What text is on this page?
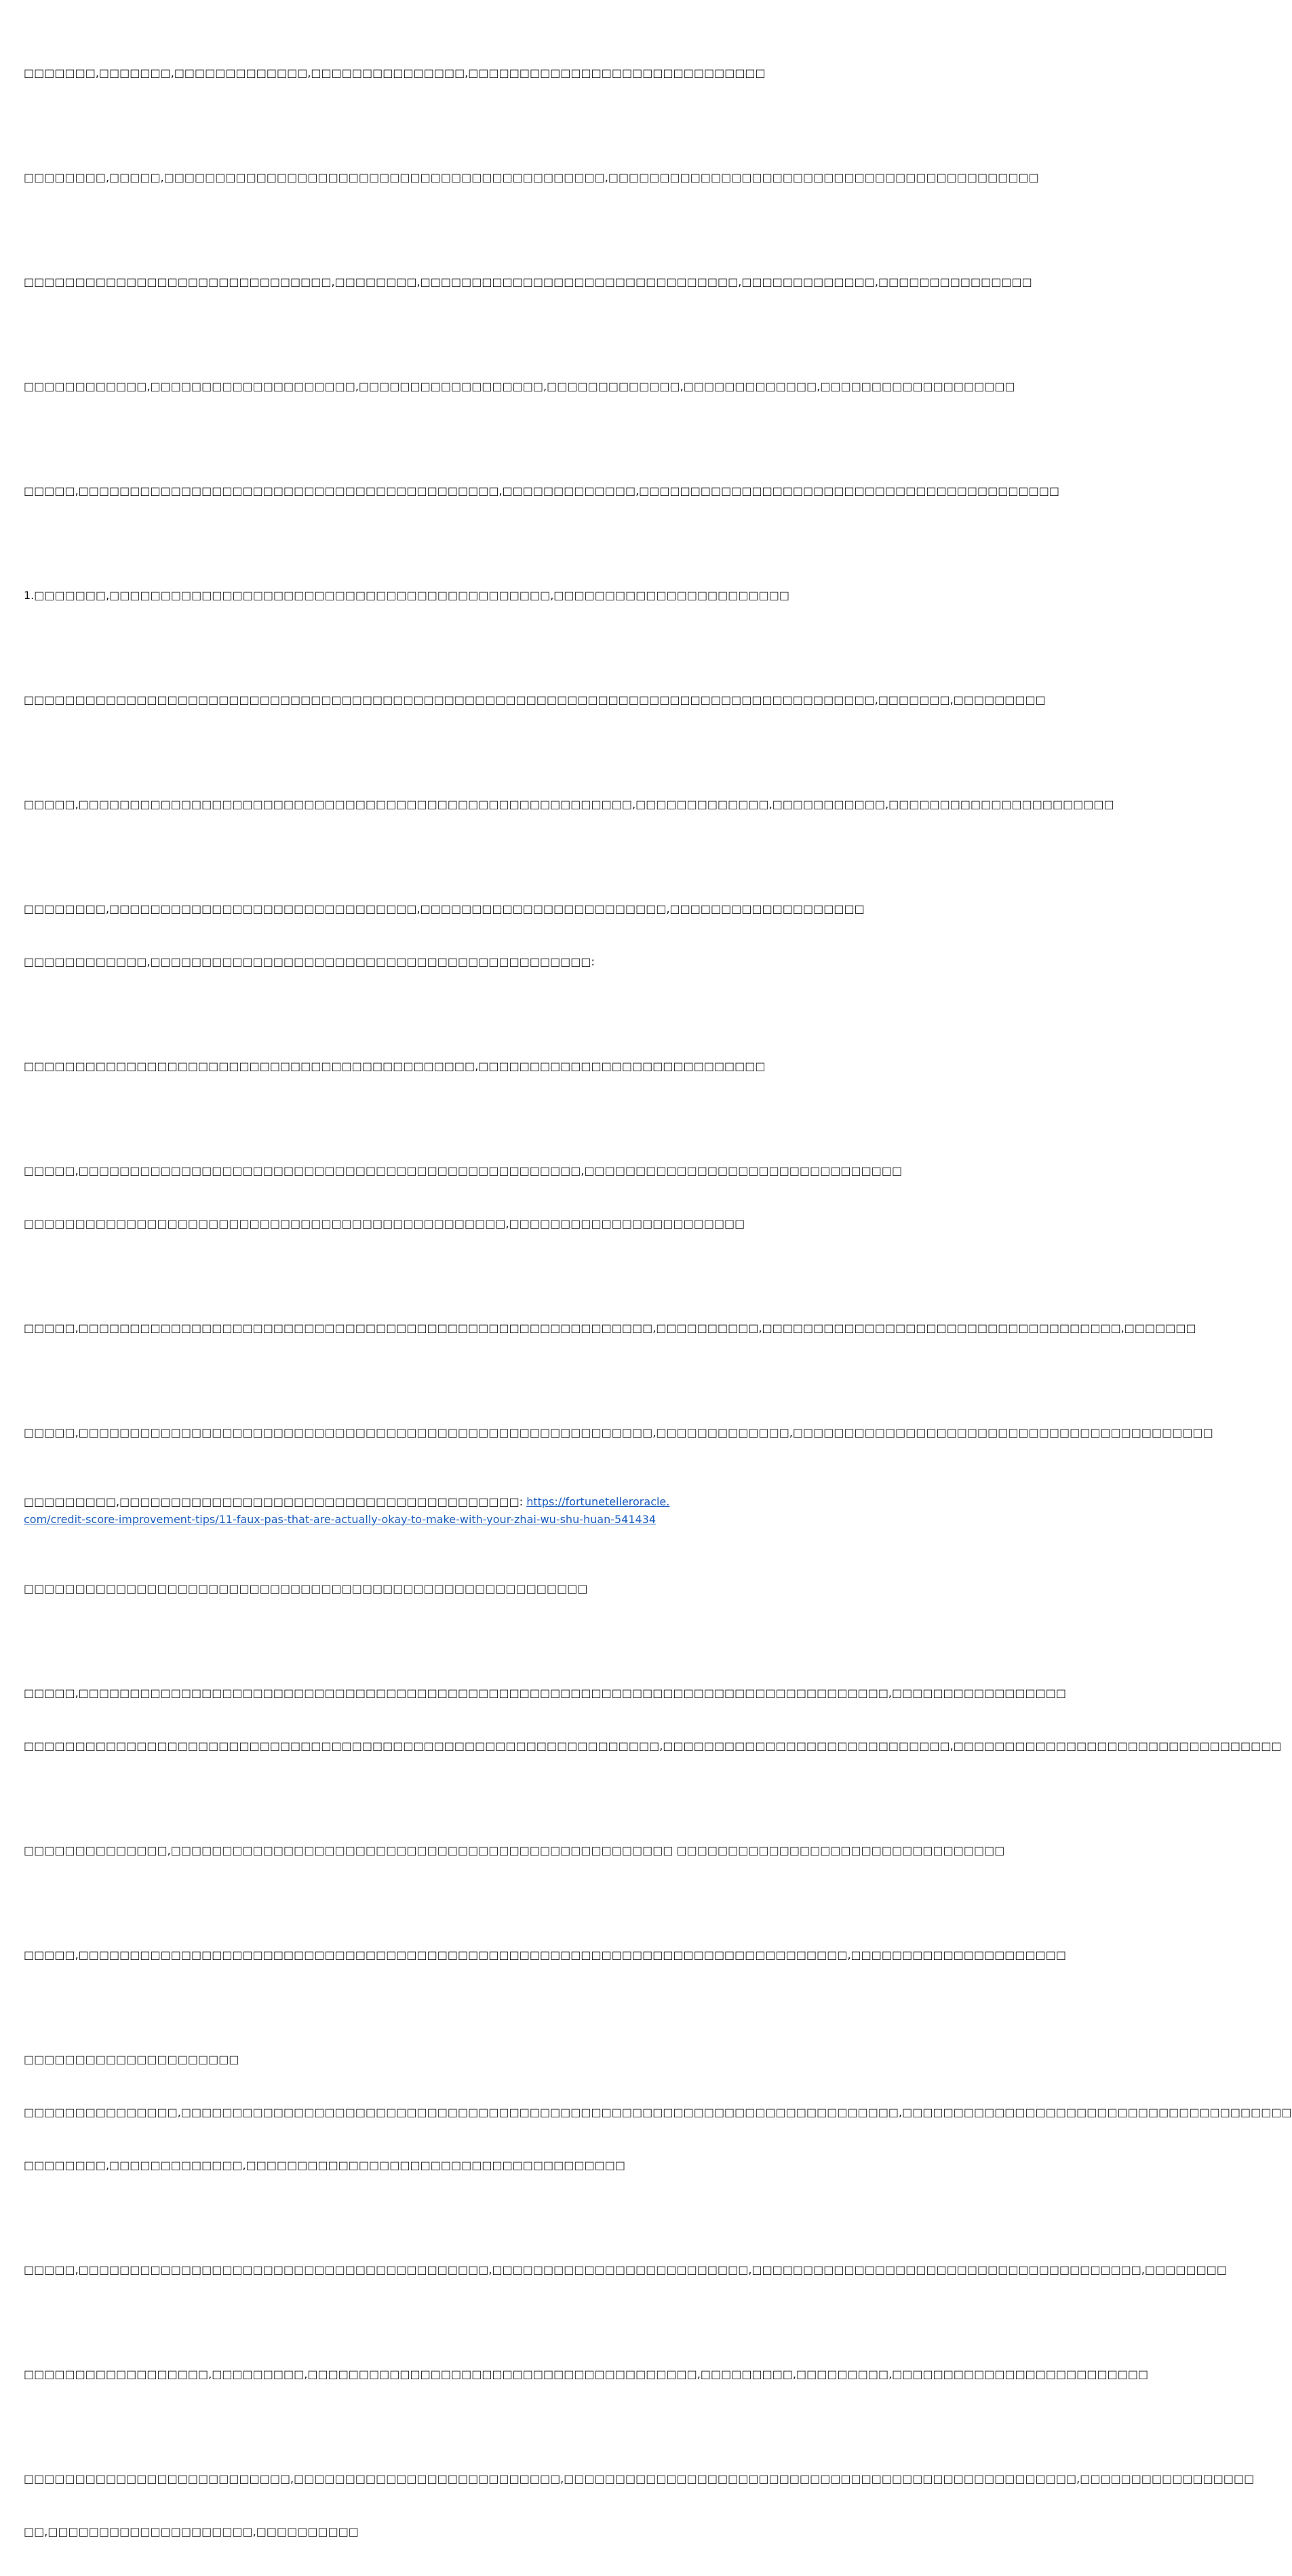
□□□□□□□,□□□□□□□,□□□□□□□□□□□□□,□□□□□□□□□□□□□□□,□□□□□□□□□□□□□□□□□□□□□□□□□□□□□

□□□□□□□□,□□□□□,□□□□□□□□□□□□□□□□□□□□□□□□□□□□□□□□□□□□□□□□□□□,□□□□□□□□□□□□□□□□□□□□□□□□□□□□□□□□□□□□□□□□□□

□□□□□□□□□□□□□□□□□□□□□□□□□□□□□□,□□□□□□□□,□□□□□□□□□□□□□□□□□□□□□□□□□□□□□□□,□□□□□□□□□□□□□,□□□□□□□□□□□□□□□

□□□□□□□□□□□□,□□□□□□□□□□□□□□□□□□□□,□□□□□□□□□□□□□□□□□□,□□□□□□□□□□□□□,□□□□□□□□□□□□□,□□□□□□□□□□□□□□□□□□□

□□□□□,□□□□□□□□□□□□□□□□□□□□□□□□□□□□□□□□□□□□□□□□□,□□□□□□□□□□□□□,□□□□□□□□□□□□□□□□□□□□□□□□□□□□□□□□□□□□□□□□□

1.□□□□□□□,□□□□□□□□□□□□□□□□□□□□□□□□□□□□□□□□□□□□□□□□□□□,□□□□□□□□□□□□□□□□□□□□□□□

□□□□□□□□□□□□□□□□□□□□□□□□□□□□□□□□□□□□□□□□□□□□□□□□□□□□□□□□□□□□□□□□□□□□□□□□□□□□□□□□□□□,□□□□□□□,□□□□□□□□□

□□□□□,□□□□□□□□□□□□□□□□□□□□□□□□□□□□□□□□□□□□□□□□□□□□□□□□□□□□□□,□□□□□□□□□□□□□,□□□□□□□□□□□,□□□□□□□□□□□□□□□□□□□□□□

□□□□□□□□,□□□□□□□□□□□□□□□□□□□□□□□□□□□□□□,□□□□□□□□□□□□□□□□□□□□□□□□,□□□□□□□□□□□□□□□□□□□

□□□□□□□□□□□□,□□□□□□□□□□□□□□□□□□□□□□□□□□□□□□□□□□□□□□□□□□□:

□□□□□□□□□□□□□□□□□□□□□□□□□□□□□□□□□□□□□□□□□□□□,□□□□□□□□□□□□□□□□□□□□□□□□□□□□

□□□□□,□□□□□□□□□□□□□□□□□□□□□□□□□□□□□□□□□□□□□□□□□□□□□□□□□,□□□□□□□□□□□□□□□□□□□□□□□□□□□□□□□

□□□□□□□□□□□□□□□□□□□□□□□□□□□□□□□□□□□□□□□□□□□□□□□,□□□□□□□□□□□□□□□□□□□□□□□

□□□□□,□□□□□□□□□□□□□□□□□□□□□□□□□□□□□□□□□□□□□□□□□□□□□□□□□□□□□□□□,□□□□□□□□□□,□□□□□□□□□□□□□□□□□□□□□□□□□□□□□□□□□□□,□□□□□□□

□□□□□,□□□□□□□□□□□□□□□□□□□□□□□□□□□□□□□□□□□□□□□□□□□□□□□□□□□□□□□□,□□□□□□□□□□□□□,□□□□□□□□□□□□□□□□□□□□□□□□□□□□□□□□□□□□□□□□□

□□□□□□□□□,□□□□□□□□□□□□□□□□□□□□□□□□□□□□□□□□□□□□□□□: https://fortunetelleroracle.com/credit-score-improvement-tips/11-faux-pas-that-are-actually-okay-to-make-with-your-zhai-wu-shu-huan-541434

□□□□□□□□□□□□□□□□□□□□□□□□□□□□□□□□□□□□□□□□□□□□□□□□□□□□□□□

□□□□□,□□□□□□□□□□□□□□□□□□□□□□□□□□□□□□□□□□□□□□□□□□□□□□□□□□□□□□□□□□□□□□□□□□□□□□□□□□□□□□□,□□□□□□□□□□□□□□□□□

□□□□□□□□□□□□□□□□□□□□□□□□□□□□□□□□□□□□□□□□□□□□□□□□□□□□□□□□□□□□□□,□□□□□□□□□□□□□□□□□□□□□□□□□□□□,□□□□□□□□□□□□□□□□□□□□□□□□□□□□□□□□

□□□□□□□□□□□□□□,□□□□□□□□□□□□□□□□□□□□□□□□□□□□□□□□□□□□□□□□□□□□□□□□□ □□□□□□□□□□□□□□□□□□□□□□□□□□□□□□□□

□□□□□,□□□□□□□□□□□□□□□□□□□□□□□□□□□□□□□□□□□□□□□□□□□□□□□□□□□□□□□□□□□□□□□□□□□□□□□□□□□,□□□□□□□□□□□□□□□□□□□□□

□□□□□□□□□□□□□□□□□□□□□

□□□□□□□□□□□□□□□,□□□□□□□□□□□□□□□□□□□□□□□□□□□□□□□□□□□□□□□□□□□□□□□□□□□□□□□□□□□□□□□□□□□□□□,□□□□□□□□□□□□□□□□□□□□□□□□□□□□□□□□□□□□□□

□□□□□□□□,□□□□□□□□□□□□□,□□□□□□□□□□□□□□□□□□□□□□□□□□□□□□□□□□□□□

□□□□□,□□□□□□□□□□□□□□□□□□□□□□□□□□□□□□□□□□□□□□□□,□□□□□□□□□□□□□□□□□□□□□□□□□,□□□□□□□□□□□□□□□□□□□□□□□□□□□□□□□□□□□□□□,□□□□□□□□

□□□□□□□□□□□□□□□□□□,□□□□□□□□□,□□□□□□□□□□□□□□□□□□□□□□□□□□□□□□□□□□□□□□,□□□□□□□□□,□□□□□□□□□,□□□□□□□□□□□□□□□□□□□□□□□□□

□□□□□□□□□□□□□□□□□□□□□□□□□□,□□□□□□□□□□□□□□□□□□□□□□□□□□,□□□□□□□□□□□□□□□□□□□□□□□□□□□□□□□□□□□□□□□□□□□□□□□□□□,□□□□□□□□□□□□□□□□□

□□,□□□□□□□□□□□□□□□□□□□□,□□□□□□□□□□
